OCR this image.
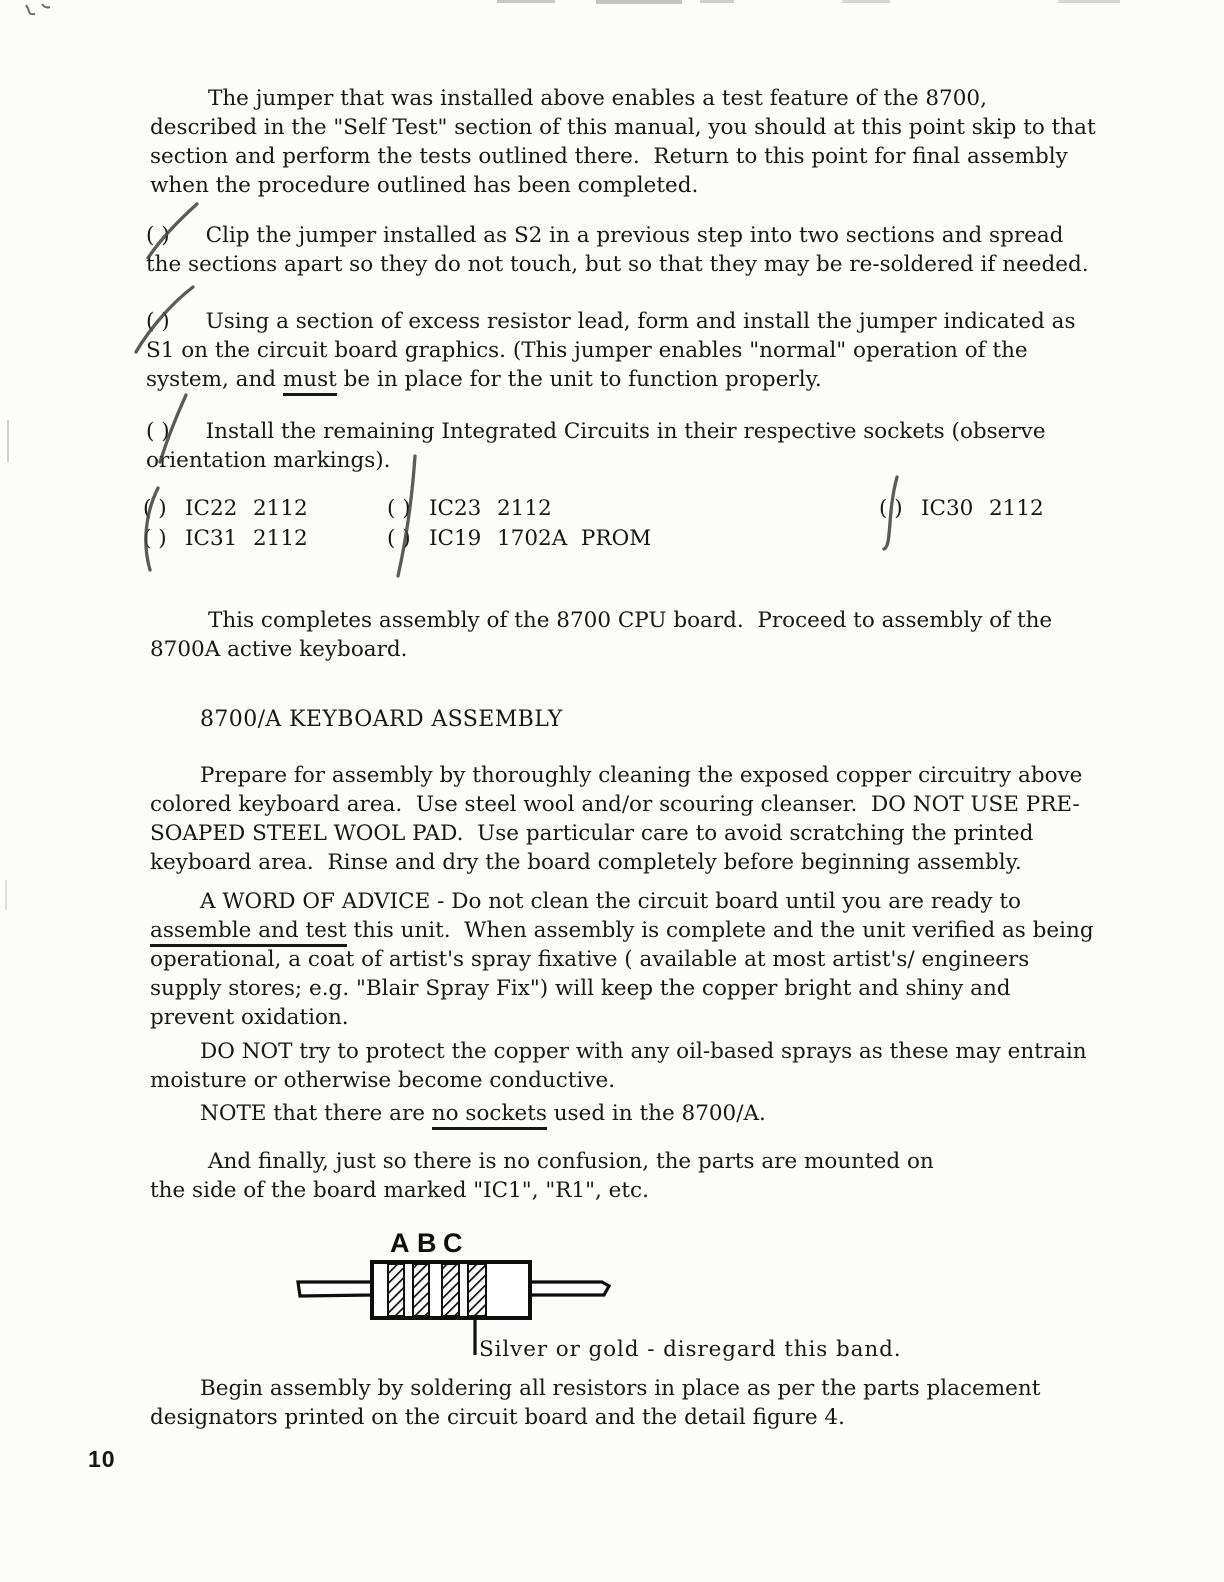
The jumper that was installed above enables a test feature of the 8700, described in the "Self Test" section of this manual, you should at this point skip to that section and perform the tests outlined there.  Return to this point for final assembly when the procedure outlined has been completed.

( ) Clip the jumper installed as S2 in a previous step into two sections and spread the sections apart so they do not touch, but so that they may be re-soldered if needed.

( ) Using a section of excess resistor lead, form and install the jumper indicated as S1 on the circuit board graphics. (This jumper enables "normal" operation of the system, and must be in place for the unit to function properly.

( ) Install the remaining Integrated Circuits in their respective sockets (observe orientation markings).

( ) IC22 2112
( ) IC31 2112
( ) IC23 2112
( ) IC19 1702A  PROM
( ) IC30 2112

This completes assembly of the 8700 CPU board.  Proceed to assembly of the 8700A active keyboard.

8700/A KEYBOARD ASSEMBLY

Prepare for assembly by thoroughly cleaning the exposed copper circuitry above colored keyboard area.  Use steel wool and/or scouring cleanser.  DO NOT USE PRE-SOAPED STEEL WOOL PAD.  Use particular care to avoid scratching the printed keyboard area.  Rinse and dry the board completely before beginning assembly.

A WORD OF ADVICE - Do not clean the circuit board until you are ready to assemble and test this unit.  When assembly is complete and the unit verified as being operational, a coat of artist's spray fixative ( available at most artist's/ engineers supply stores; e.g. "Blair Spray Fix") will keep the copper bright and shiny and prevent oxidation.

DO NOT try to protect the copper with any oil-based sprays as these may entrain moisture or otherwise become conductive.

NOTE that there are no sockets used in the 8700/A.

And finally, just so there is no confusion, the parts are mounted on the side of the board marked "IC1", "R1", etc.

A B C

Silver or gold - disregard this band.

Begin assembly by soldering all resistors in place as per the parts placement designators printed on the circuit board and the detail figure 4.

10
